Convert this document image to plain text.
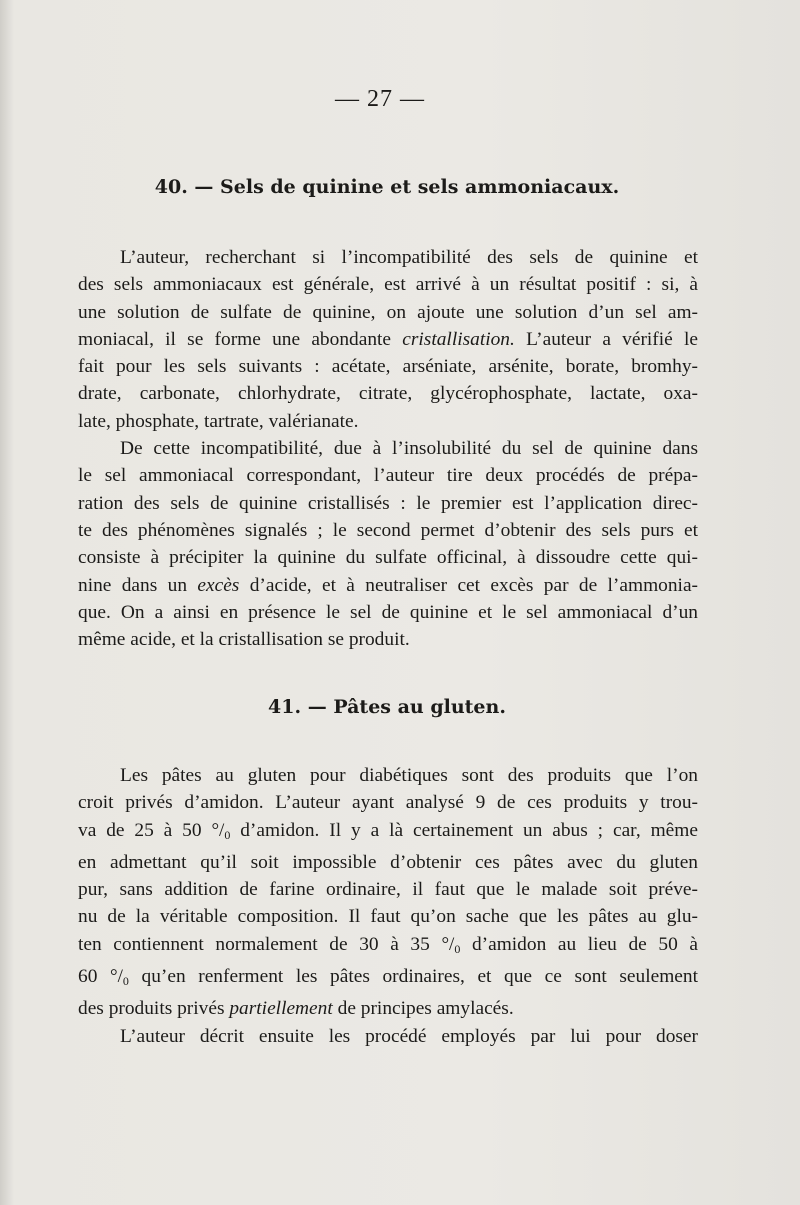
— 27 —
40. — Sels de quinine et sels ammoniacaux.
L’auteur, recherchant si l’incompatibilité des sels de quinine et
des sels ammoniacaux est générale, est arrivé à un résultat positif : si, à
une solution de sulfate de quinine, on ajoute une solution d’un sel am-
moniacal, il se forme une abondante cristallisation. L’auteur a vérifié le
fait pour les sels suivants : acétate, arséniate, arsénite, borate, bromhy-
drate, carbonate, chlorhydrate, citrate, glycérophosphate, lactate, oxa-
late, phosphate, tartrate, valérianate.
De cette incompatibilité, due à l’insolubilité du sel de quinine dans
le sel ammoniacal correspondant, l’auteur tire deux procédés de prépa-
ration des sels de quinine cristallisés : le premier est l’application direc-
te des phénomènes signalés ; le second permet d’obtenir des sels purs et
consiste à précipiter la quinine du sulfate officinal, à dissoudre cette qui-
nine dans un excès d’acide, et à neutraliser cet excès par de l’ammonia-
que. On a ainsi en présence le sel de quinine et le sel ammoniacal d’un
même acide, et la cristallisation se produit.
41. — Pâtes au gluten.
Les pâtes au gluten pour diabétiques sont des produits que l’on
croit privés d’amidon. L’auteur ayant analysé 9 de ces produits y trou-
va de 25 à 50 $^\circ/_0$ d’amidon. Il y a là certainement un abus ; car, même
en admettant qu’il soit impossible d’obtenir ces pâtes avec du gluten
pur, sans addition de farine ordinaire, il faut que le malade soit préve-
nu de la véritable composition. Il faut qu’on sache que les pâtes au glu-
ten contiennent normalement de 30 à 35 $^\circ/_0$ d’amidon au lieu de 50 à
60 $^\circ/_0$ qu’en renferment les pâtes ordinaires, et que ce sont seulement
des produits privés partiellement de principes amylacés.
L’auteur décrit ensuite les procédé employés par lui pour doser
